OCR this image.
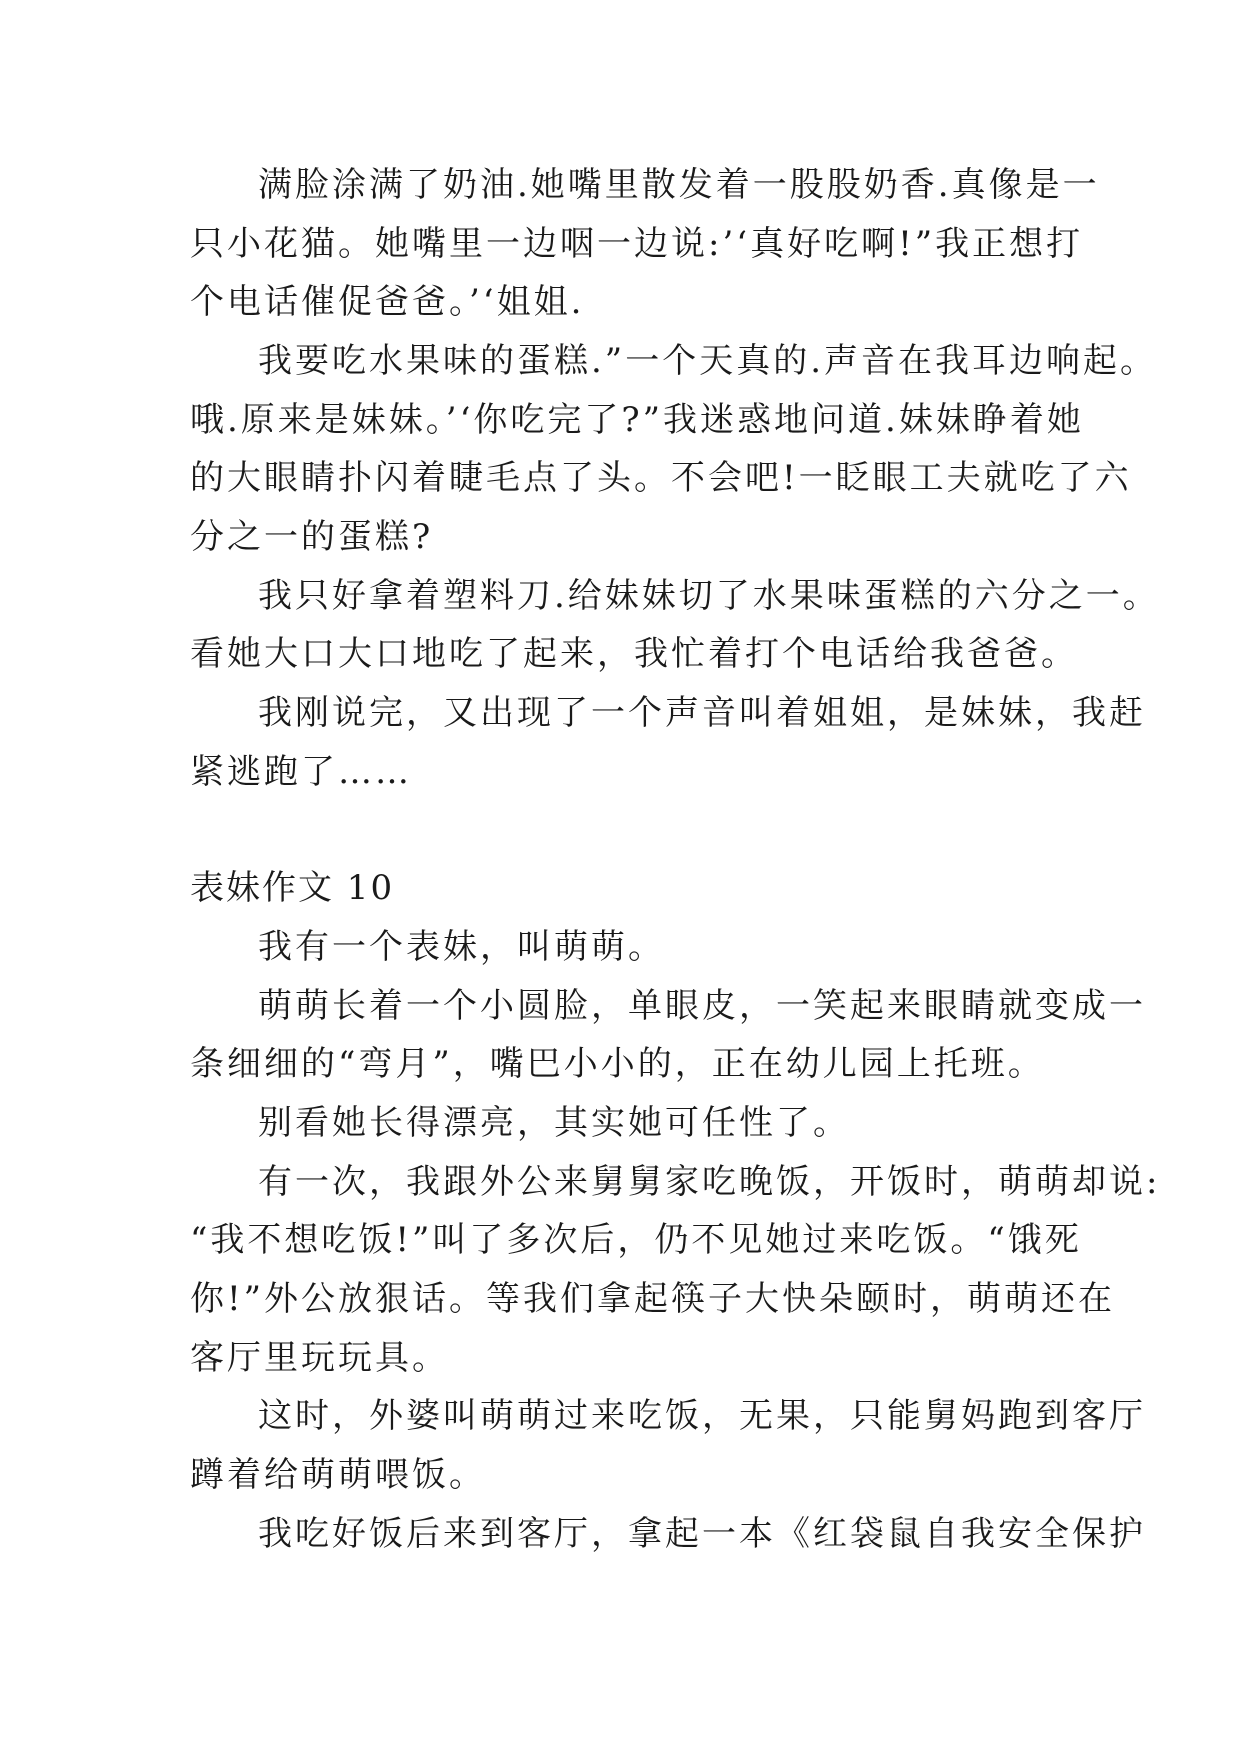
满脸涂满了奶油.她嘴里散发着一股股奶香.真像是一
只小花猫。她嘴里一边咽一边说:’‘真好吃啊!”我正想打
个电话催促爸爸。’‘姐姐.
我要吃水果味的蛋糕.”一个天真的.声音在我耳边响起。
哦.原来是妹妹。’‘你吃完了?”我迷惑地问道.妹妹睁着她
的大眼睛扑闪着睫毛点了头。不会吧!一眨眼工夫就吃了六
分之一的蛋糕?
我只好拿着塑料刀.给妹妹切了水果味蛋糕的六分之一。
看她大口大口地吃了起来，我忙着打个电话给我爸爸。
我刚说完，又出现了一个声音叫着姐姐，是妹妹，我赶
紧逃跑了……
表妹作文 10
我有一个表妹，叫萌萌。
萌萌长着一个小圆脸，单眼皮，一笑起来眼睛就变成一
条细细的“弯月”，嘴巴小小的，正在幼儿园上托班。
别看她长得漂亮，其实她可任性了。
有一次，我跟外公来舅舅家吃晚饭，开饭时，萌萌却说:
“我不想吃饭!”叫了多次后，仍不见她过来吃饭。“饿死
你!”外公放狠话。等我们拿起筷子大快朵颐时，萌萌还在
客厅里玩玩具。
这时，外婆叫萌萌过来吃饭，无果，只能舅妈跑到客厅
蹲着给萌萌喂饭。
我吃好饭后来到客厅，拿起一本《红袋鼠自我安全保护
